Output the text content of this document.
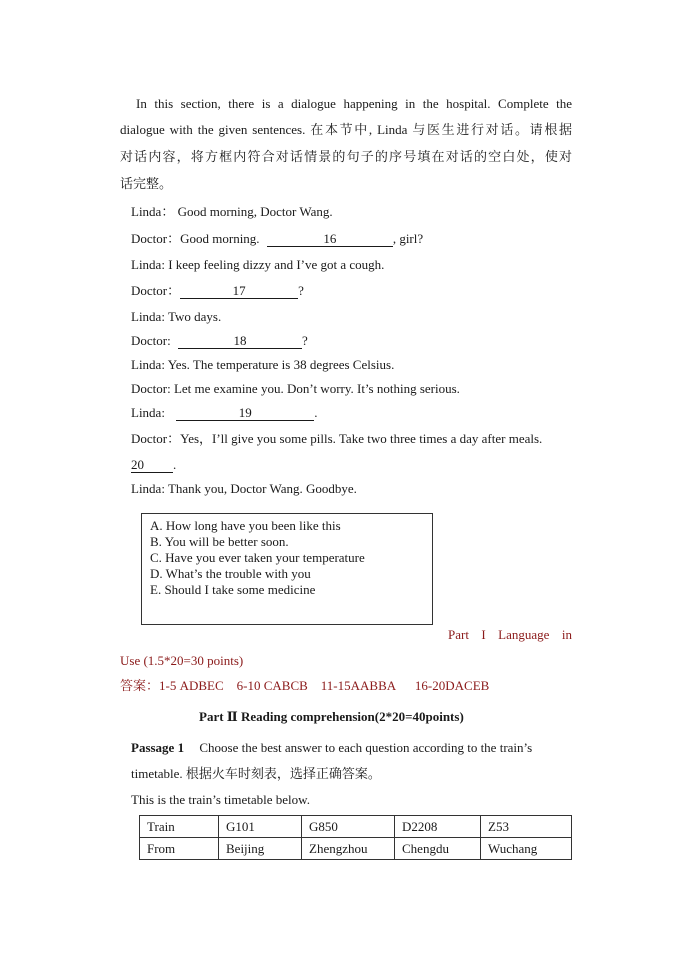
In this section, there is a dialogue happening in the hospital. Complete the
dialogue with the given sentences. 在本节中, Linda 与医生进行对话。请根据
对话内容，将方框内符合对话情景的句子的序号填在对话的空白处，使对
话完整。
Linda： Good morning, Doctor Wang.
Doctor：Good morning.	16	, girl?
Linda: I keep feeling dizzy and I’ve got a cough.
Doctor：	17	?
Linda: Two days.
Doctor:	18	?
Linda: Yes. The temperature is 38 degrees Celsius.
Doctor: Let me examine you. Don’t worry. It’s nothing serious.
Linda:	19	.
Doctor：Yes，I’ll give you some pills. Take two three times a day after meals.
20 .
Linda: Thank you, Doctor Wang. Goodbye.
A. How long have you been like this
B. You will be better soon.
C. Have you ever taken your temperature
D. What’s the trouble with you
E. Should I take some medicine
Part I Language in
Use (1.5*20=30 points)
答案：1-5 ADBEC    6-10 CABCB    11-15AABBA      16-20DACEB
Part Ⅱ Reading comprehension(2*20=40points)
Passage 1 Choose the best answer to each question according to the train’s
timetable. 根据火车时刻表，选择正确答案。
This is the train’s timetable below.
Train	G101	G850	D2208	Z53
From	Beijing	Zhengzhou	Chengdu	Wuchang
